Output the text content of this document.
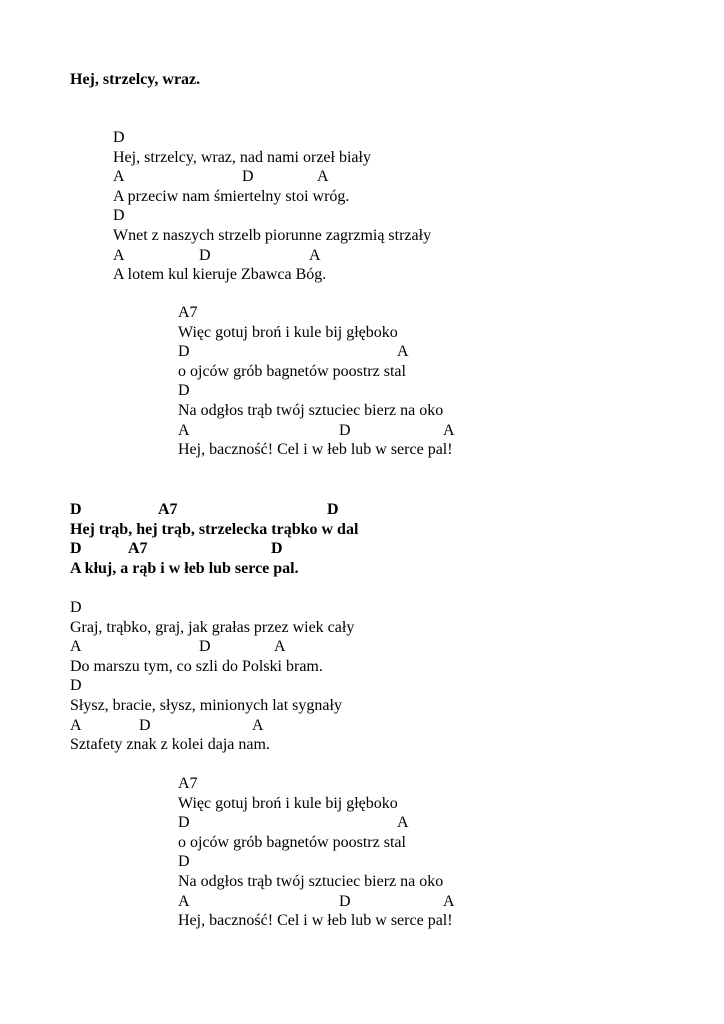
Hej, strzelcy, wraz.
D
Hej, strzelcy, wraz, nad nami orzeł biały
A	D	A
A przeciw nam śmiertelny stoi wróg.
D
Wnet z naszych strzelb piorunne zagrzmią strzały
A	D	A
A lotem kul kieruje Zbawca Bóg.
A7
Więc gotuj broń i kule bij głęboko
D	A
o ojców grób bagnetów poostrz stal
D
Na odgłos trąb twój sztuciec bierz na oko
A	D	A
Hej, baczność! Cel i w łeb lub w serce pal!
D	A7	D
Hej trąb, hej trąb, strzelecka trąbko w dal
D	A7	D
A kłuj, a rąb i w łeb lub serce pal.
D
Graj, trąbko, graj, jak grałas przez wiek cały
A	D	A
Do marszu tym, co szli do Polski bram.
D
Słysz, bracie, słysz, minionych lat sygnały
A	D	A
Sztafety znak z kolei daja nam.
A7
Więc gotuj broń i kule bij głęboko
D	A
o ojców grób bagnetów poostrz stal
D
Na odgłos trąb twój sztuciec bierz na oko
A	D	A
Hej, baczność! Cel i w łeb lub w serce pal!
